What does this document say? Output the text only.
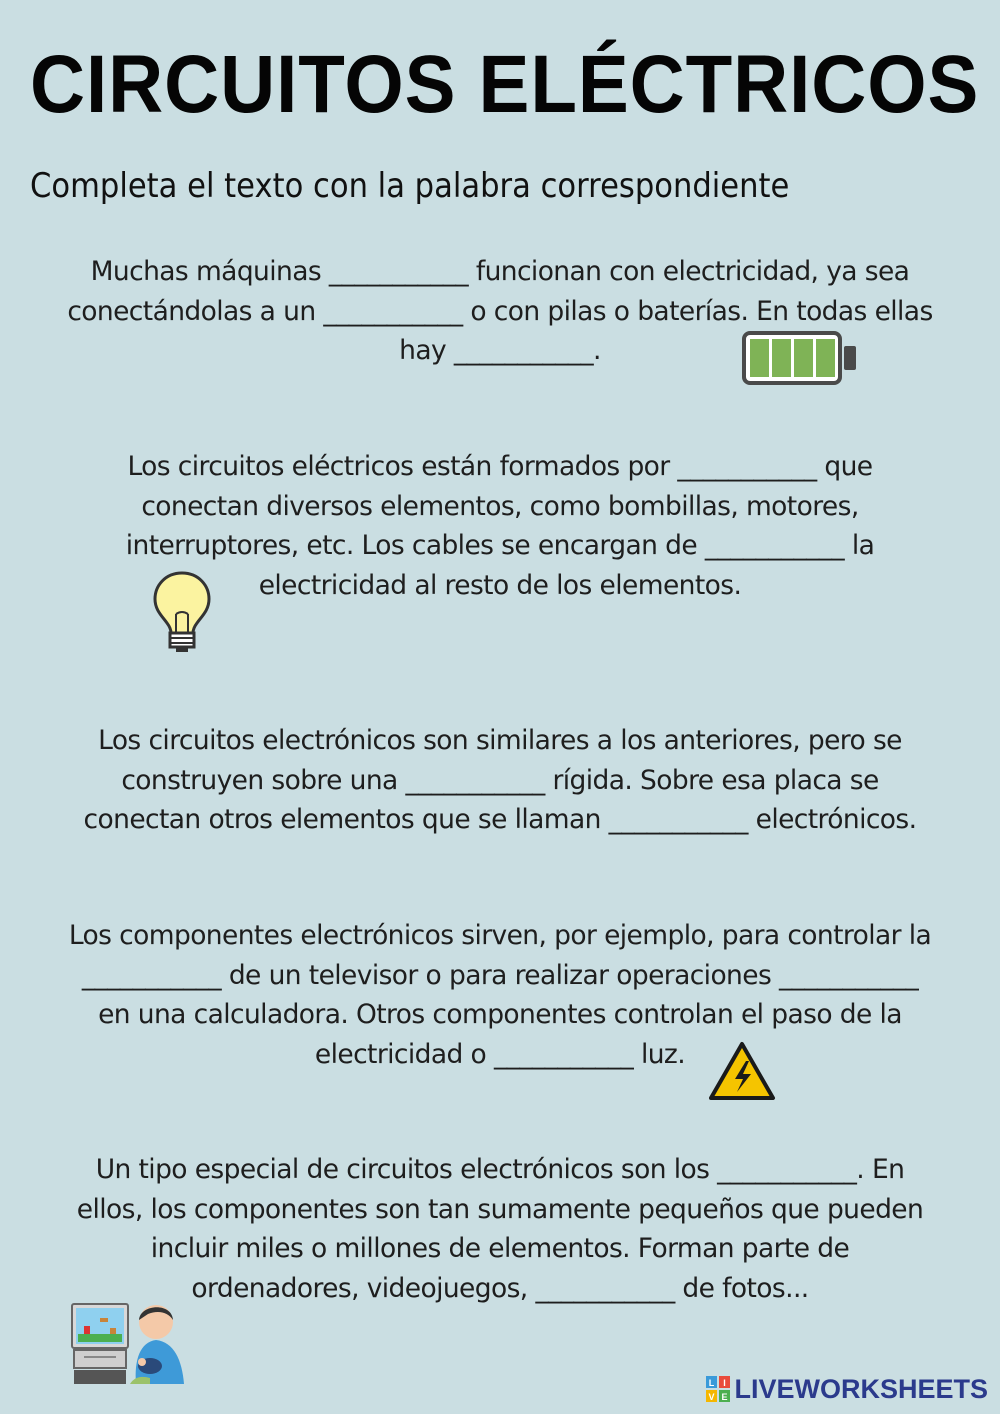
CIRCUITOS ELÉCTRICOS
Completa el texto con la palabra correspondiente
Muchas máquinas ___________ funcionan con electricidad, ya sea
conectándolas a un ___________ o con pilas o baterías. En todas ellas
hay ___________.
Los circuitos eléctricos están formados por ___________ que
conectan diversos elementos, como bombillas, motores,
interruptores, etc. Los cables se encargan de ___________ la
electricidad al resto de los elementos.
Los circuitos electrónicos son similares a los anteriores, pero se
construyen sobre una ___________ rígida. Sobre esa placa se
conectan otros elementos que se llaman ___________ electrónicos.
Los componentes electrónicos sirven, por ejemplo, para controlar la
___________ de un televisor o para realizar operaciones ___________
en una calculadora. Otros componentes controlan el paso de la
electricidad o ___________ luz.
Un tipo especial de circuitos electrónicos son los ___________. En
ellos, los componentes son tan sumamente pequeños que pueden
incluir miles o millones de elementos. Forman parte de
ordenadores, videojuegos, ___________ de fotos...
L I
V E LIVEWORKSHEETS
